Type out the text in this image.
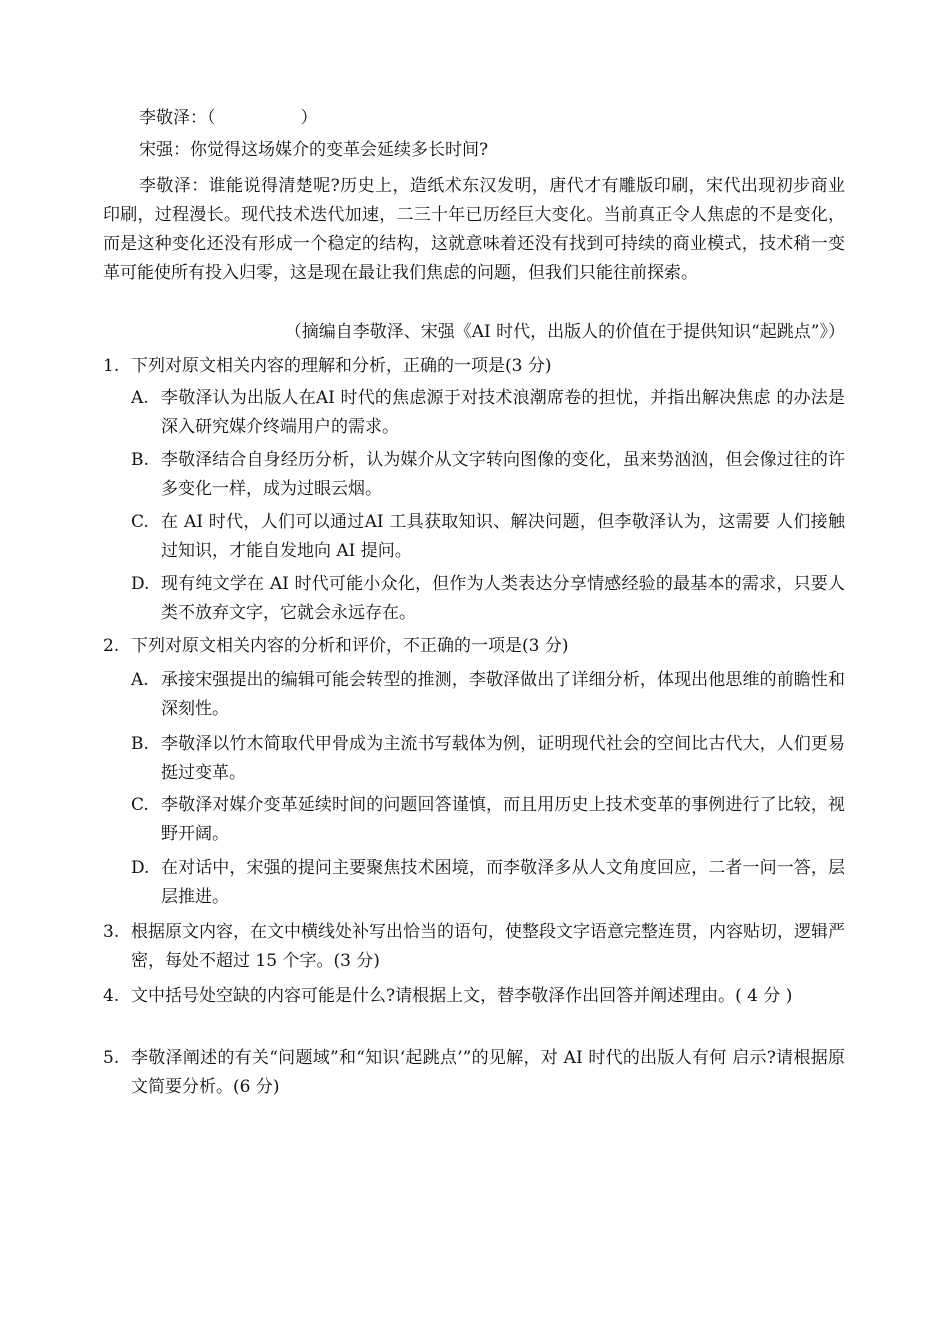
李敬泽：（　　　　　）

宋强：你觉得这场媒介的变革会延续多长时间?

李敬泽：谁能说得清楚呢?历史上，造纸术东汉发明，唐代才有雕版印刷，宋代出现初步商业印刷，过程漫长。现代技术迭代加速，二三十年已历经巨大变化。当前真正令人焦虑的不是变化，而是这种变化还没有形成一个稳定的结构，这就意味着还没有找到可持续的商业模式，技术稍一变革可能使所有投入归零，这是现在最让我们焦虑的问题，但我们只能往前探索。

（摘编自李敬泽、宋强《AI 时代，出版人的价值在于提供知识“起跳点”》）

1. 下列对原文相关内容的理解和分析，正确的一项是(3 分)
A. 李敬泽认为出版人在AI 时代的焦虑源于对技术浪潮席卷的担忧，并指出解决焦虑 的办法是深入研究媒介终端用户的需求。
B. 李敬泽结合自身经历分析，认为媒介从文字转向图像的变化，虽来势汹汹，但会像过往的许多变化一样，成为过眼云烟。
C. 在 AI 时代，人们可以通过AI 工具获取知识、解决问题，但李敬泽认为，这需要 人们接触过知识，才能自发地向 AI 提问。
D. 现有纯文学在 AI 时代可能小众化，但作为人类表达分享情感经验的最基本的需求，只要人类不放弃文字，它就会永远存在。
2. 下列对原文相关内容的分析和评价，不正确的一项是(3 分)
A. 承接宋强提出的编辑可能会转型的推测，李敬泽做出了详细分析，体现出他思维的前瞻性和深刻性。
B. 李敬泽以竹木简取代甲骨成为主流书写载体为例，证明现代社会的空间比古代大，人们更易挺过变革。
C. 李敬泽对媒介变革延续时间的问题回答谨慎，而且用历史上技术变革的事例进行了比较，视野开阔。
D. 在对话中，宋强的提问主要聚焦技术困境，而李敬泽多从人文角度回应，二者一问一答，层层推进。
3. 根据原文内容，在文中横线处补写出恰当的语句，使整段文字语意完整连贯，内容贴切，逻辑严密，每处不超过 15 个字。(3 分)
4. 文中括号处空缺的内容可能是什么?请根据上文，替李敬泽作出回答并阐述理由。( 4 分 )
5. 李敬泽阐述的有关“问题域”和“知识‘起跳点’”的见解，对 AI 时代的出版人有何 启示?请根据原文简要分析。(6 分)
